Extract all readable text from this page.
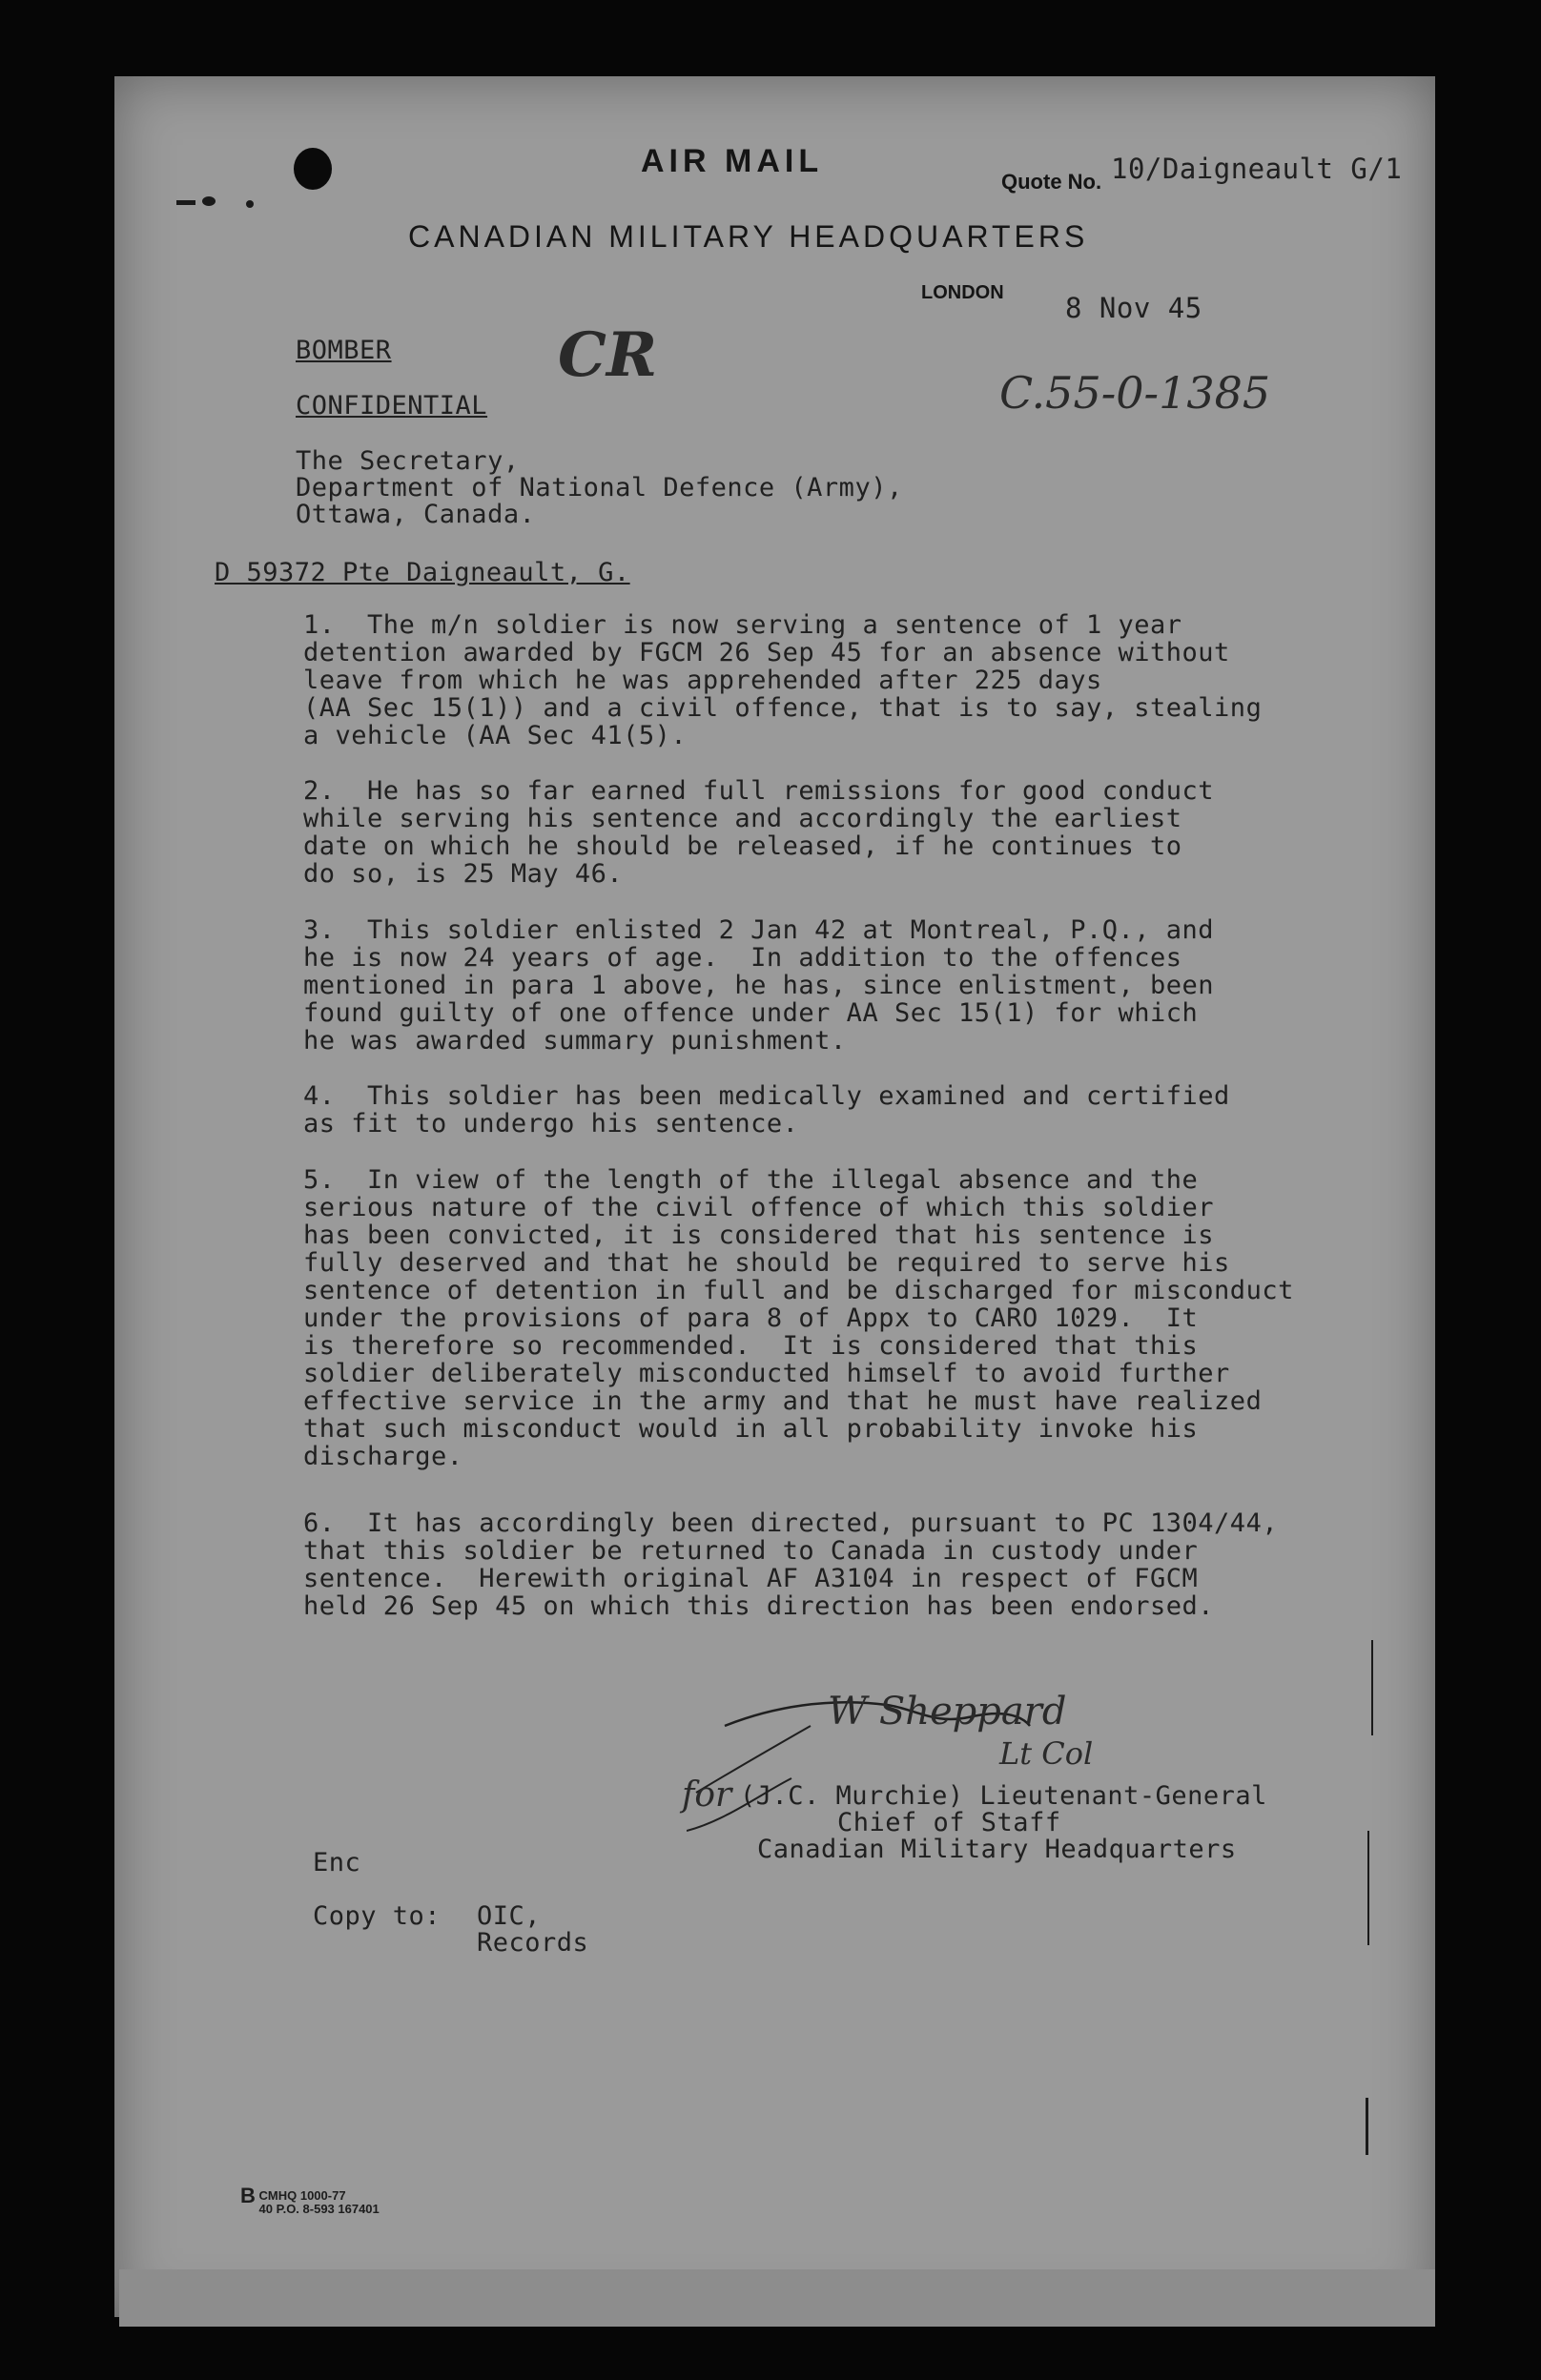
AIR MAIL
Quote No. 10/Daigneault G/1
CANADIAN MILITARY HEADQUARTERS
LONDON 8 Nov 45
BOMBER	CR
CONFIDENTIAL	C.55-0-1385
The Secretary,
Department of National Defence (Army),
Ottawa, Canada.
D 59372 Pte Daigneault, G.
1.  The m/n soldier is now serving a sentence of 1 year
detention awarded by FGCM 26 Sep 45 for an absence without
leave from which he was apprehended after 225 days
(AA Sec 15(1)) and a civil offence, that is to say, stealing
a vehicle (AA Sec 41(5).
2.  He has so far earned full remissions for good conduct
while serving his sentence and accordingly the earliest
date on which he should be released, if he continues to
do so, is 25 May 46.
3.  This soldier enlisted 2 Jan 42 at Montreal, P.Q., and
he is now 24 years of age.  In addition to the offences
mentioned in para 1 above, he has, since enlistment, been
found guilty of one offence under AA Sec 15(1) for which
he was awarded summary punishment.
4.  This soldier has been medically examined and certified
as fit to undergo his sentence.
5.  In view of the length of the illegal absence and the
serious nature of the civil offence of which this soldier
has been convicted, it is considered that his sentence is
fully deserved and that he should be required to serve his
sentence of detention in full and be discharged for misconduct
under the provisions of para 8 of Appx to CARO 1029.  It
is therefore so recommended.  It is considered that this
soldier deliberately misconducted himself to avoid further
effective service in the army and that he must have realized
that such misconduct would in all probability invoke his
discharge.
6.  It has accordingly been directed, pursuant to PC 1304/44,
that this soldier be returned to Canada in custody under
sentence.  Herewith original AF A3104 in respect of FGCM
held 26 Sep 45 on which this direction has been endorsed.
W Sheppard
Lt Col
for (J.C. Murchie) Lieutenant-General
Chief of Staff
Canadian Military Headquarters
Enc
Copy to: OIC,
Records
B CMHQ 1000-77
40 P.O. 8-593 167401
